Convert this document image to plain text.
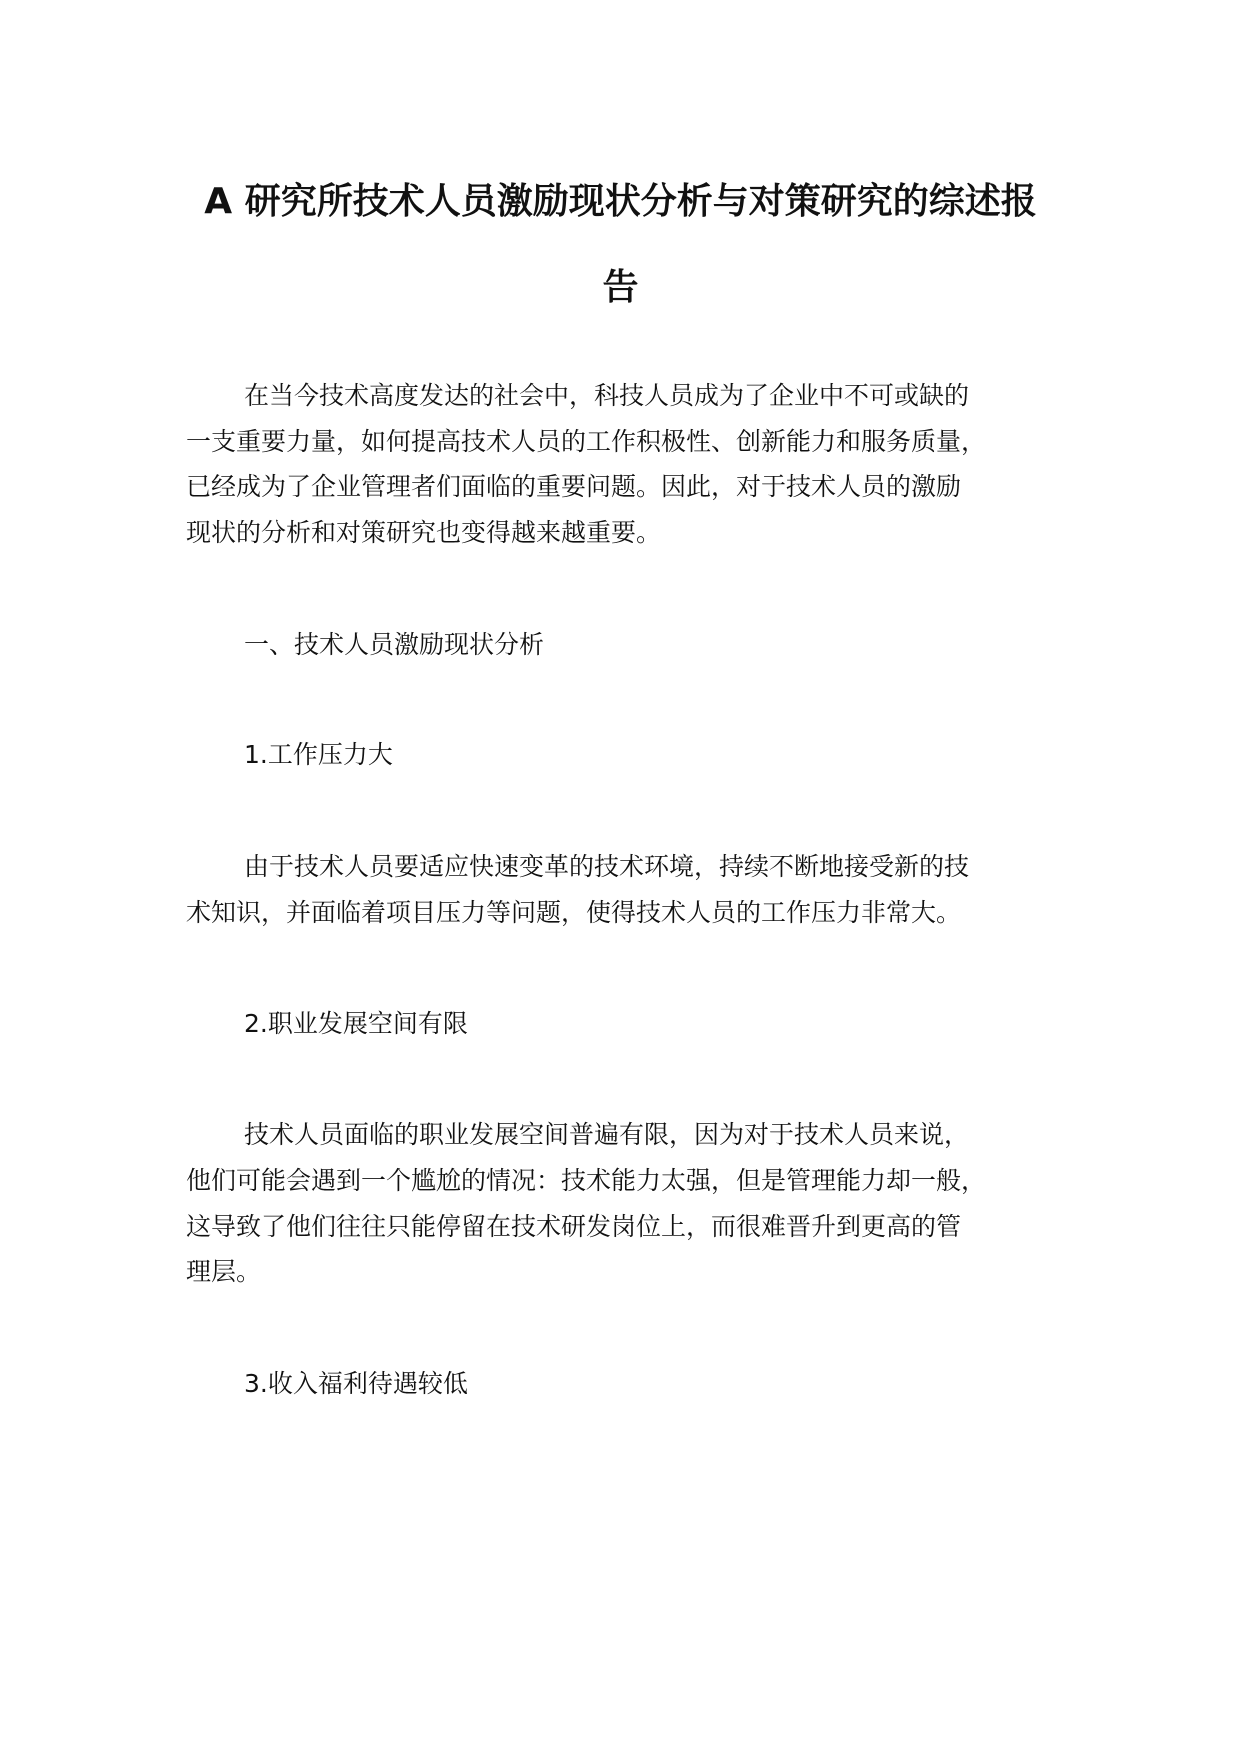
A 研究所技术人员激励现状分析与对策研究的综述报
告

在当今技术高度发达的社会中，科技人员成为了企业中不可或缺的

一支重要力量，如何提高技术人员的工作积极性、创新能力和服务质量，

已经成为了企业管理者们面临的重要问题。因此，对于技术人员的激励

现状的分析和对策研究也变得越来越重要。

一、技术人员激励现状分析

1.工作压力大

由于技术人员要适应快速变革的技术环境，持续不断地接受新的技

术知识，并面临着项目压力等问题，使得技术人员的工作压力非常大。

2.职业发展空间有限

技术人员面临的职业发展空间普遍有限，因为对于技术人员来说，

他们可能会遇到一个尴尬的情况：技术能力太强，但是管理能力却一般，

这导致了他们往往只能停留在技术研发岗位上，而很难晋升到更高的管

理层。

3.收入福利待遇较低
